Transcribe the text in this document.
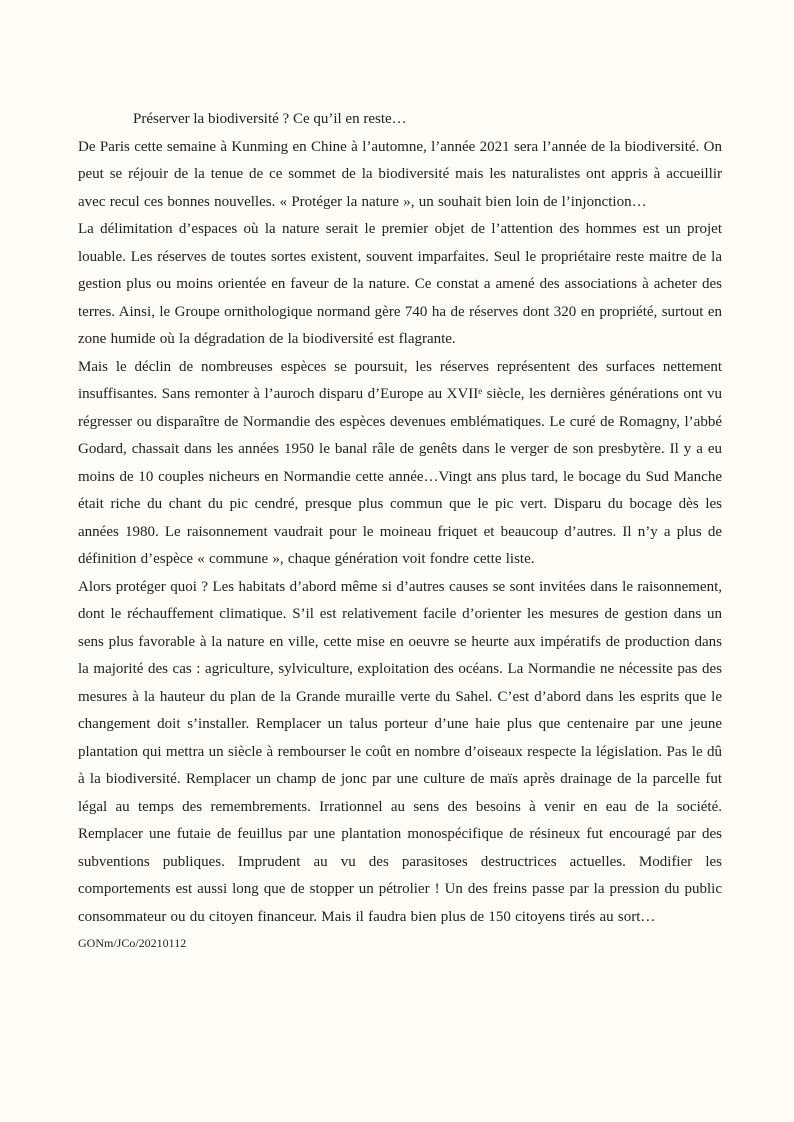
Préserver la biodiversité ? Ce qu’il en reste…

De Paris cette semaine à Kunming en Chine à l’automne, l’année 2021 sera l’année de la biodiversité. On peut se réjouir de la tenue de ce sommet de la biodiversité mais les naturalistes ont appris à accueillir avec recul ces bonnes nouvelles. « Protéger la nature », un souhait bien loin de l’injonction…

La délimitation d’espaces où la nature serait le premier objet de l’attention des hommes est un projet louable. Les réserves de toutes sortes existent, souvent imparfaites. Seul le propriétaire reste maitre de la gestion plus ou moins orientée en faveur de la nature. Ce constat a amené des associations à acheter des terres. Ainsi, le Groupe ornithologique normand gère 740 ha de réserves dont 320 en propriété, surtout en zone humide où la dégradation de la biodiversité est flagrante.

Mais le déclin de nombreuses espèces se poursuit, les réserves représentent des surfaces nettement insuffisantes. Sans remonter à l’auroch disparu d’Europe au XVIIᵉ siècle, les dernières générations ont vu régresser ou disparaître de Normandie des espèces devenues emblématiques. Le curé de Romagny, l’abbé Godard, chassait dans les années 1950 le banal râle de genêts dans le verger de son presbytère. Il y a eu moins de 10 couples nicheurs en Normandie cette année…Vingt ans plus tard, le bocage du Sud Manche était riche du chant du pic cendré, presque plus commun que le pic vert. Disparu du bocage dès les années 1980. Le raisonnement vaudrait pour le moineau friquet et beaucoup d’autres. Il n’y a plus de définition d’espèce « commune », chaque génération voit fondre cette liste.

Alors protéger quoi ? Les habitats d’abord même si d’autres causes se sont invitées dans le raisonnement, dont le réchauffement climatique. S’il est relativement facile d’orienter les mesures de gestion dans un sens plus favorable à la nature en ville, cette mise en oeuvre se heurte aux impératifs de production dans la majorité des cas : agriculture, sylviculture, exploitation des océans. La Normandie ne nécessite pas des mesures à la hauteur du plan de la Grande muraille verte du Sahel. C’est d’abord dans les esprits que le changement doit s’installer. Remplacer un talus porteur d’une haie plus que centenaire par une jeune plantation qui mettra un siècle à rembourser le coût en nombre d’oiseaux respecte la législation. Pas le dû à la biodiversité. Remplacer un champ de jonc par une culture de maïs après drainage de la parcelle fut légal au temps des remembrements. Irrationnel au sens des besoins à venir en eau de la société. Remplacer une futaie de feuillus par une plantation monospécifique de résineux fut encouragé par des subventions publiques. Imprudent au vu des parasitoses destructrices actuelles. Modifier les comportements est aussi long que de stopper un pétrolier ! Un des freins passe par la pression du public consommateur ou du citoyen financeur. Mais il faudra bien plus de 150 citoyens tirés au sort…

GONm/JCo/20210112
